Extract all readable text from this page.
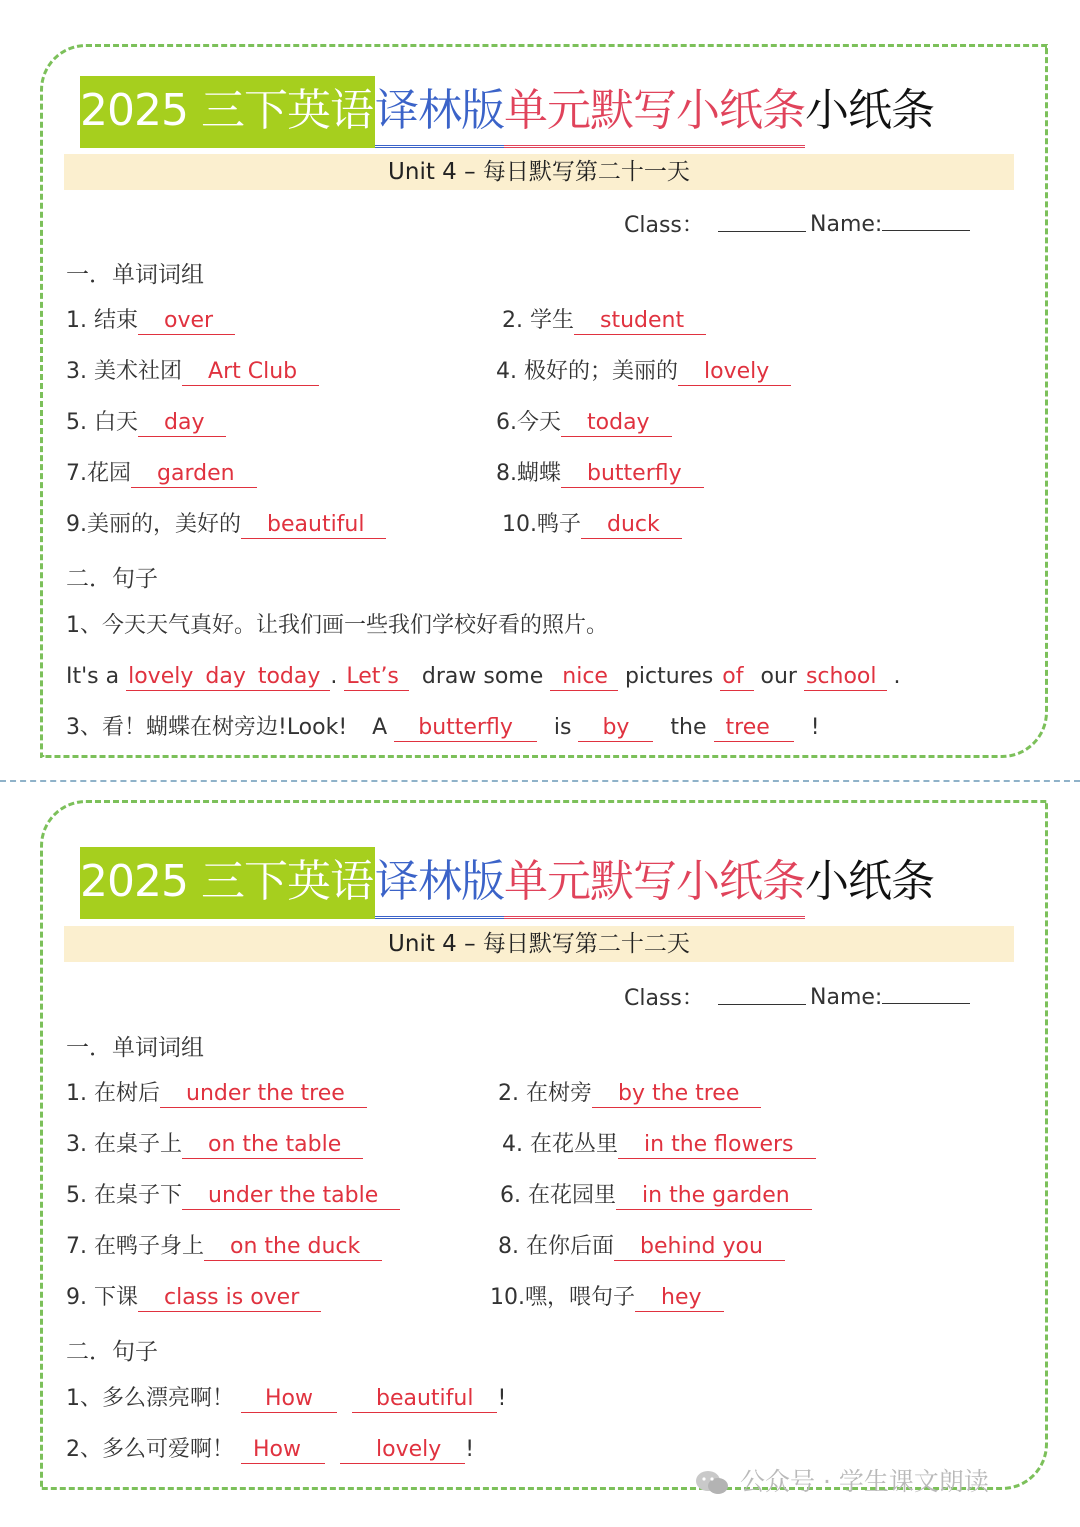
2025 三下英语译林版单元默写小纸条小纸条
Unit 4 – 每日默写第二十一天
Class：	Name:
一．单词词组
1. 结束 over	2. 学生 student
3. 美术社团 Art Club	4. 极好的；美丽的 lovely
5. 白天 day	6.今天 today
7.花园 garden	8.蝴蝶 butterfly
9.美丽的，美好的 beautiful	10.鸭子 duck
二．句子
1、今天天气真好。让我们画一些我们学校好看的照片。
It's a lovely day today . Let’s draw some nice pictures of our school .
3、看！蝴蝶在树旁边!Look! A butterfly is by the tree !
2025 三下英语译林版单元默写小纸条小纸条
Unit 4 – 每日默写第二十二天
Class：	Name:
一．单词词组
1. 在树后 under the tree	2. 在树旁 by the tree
3. 在桌子上 on the table	4. 在花丛里 in the flowers
5. 在桌子下 under the table	6. 在花园里 in the garden
7. 在鸭子身上 on the duck	8. 在你后面 behind you
9. 下课 class is over	10.嘿，喂句子 hey
二．句子
1、多么漂亮啊！ How	beautiful !
2、多么可爱啊！ How	lovely !
公众号 · 学生课文朗读
